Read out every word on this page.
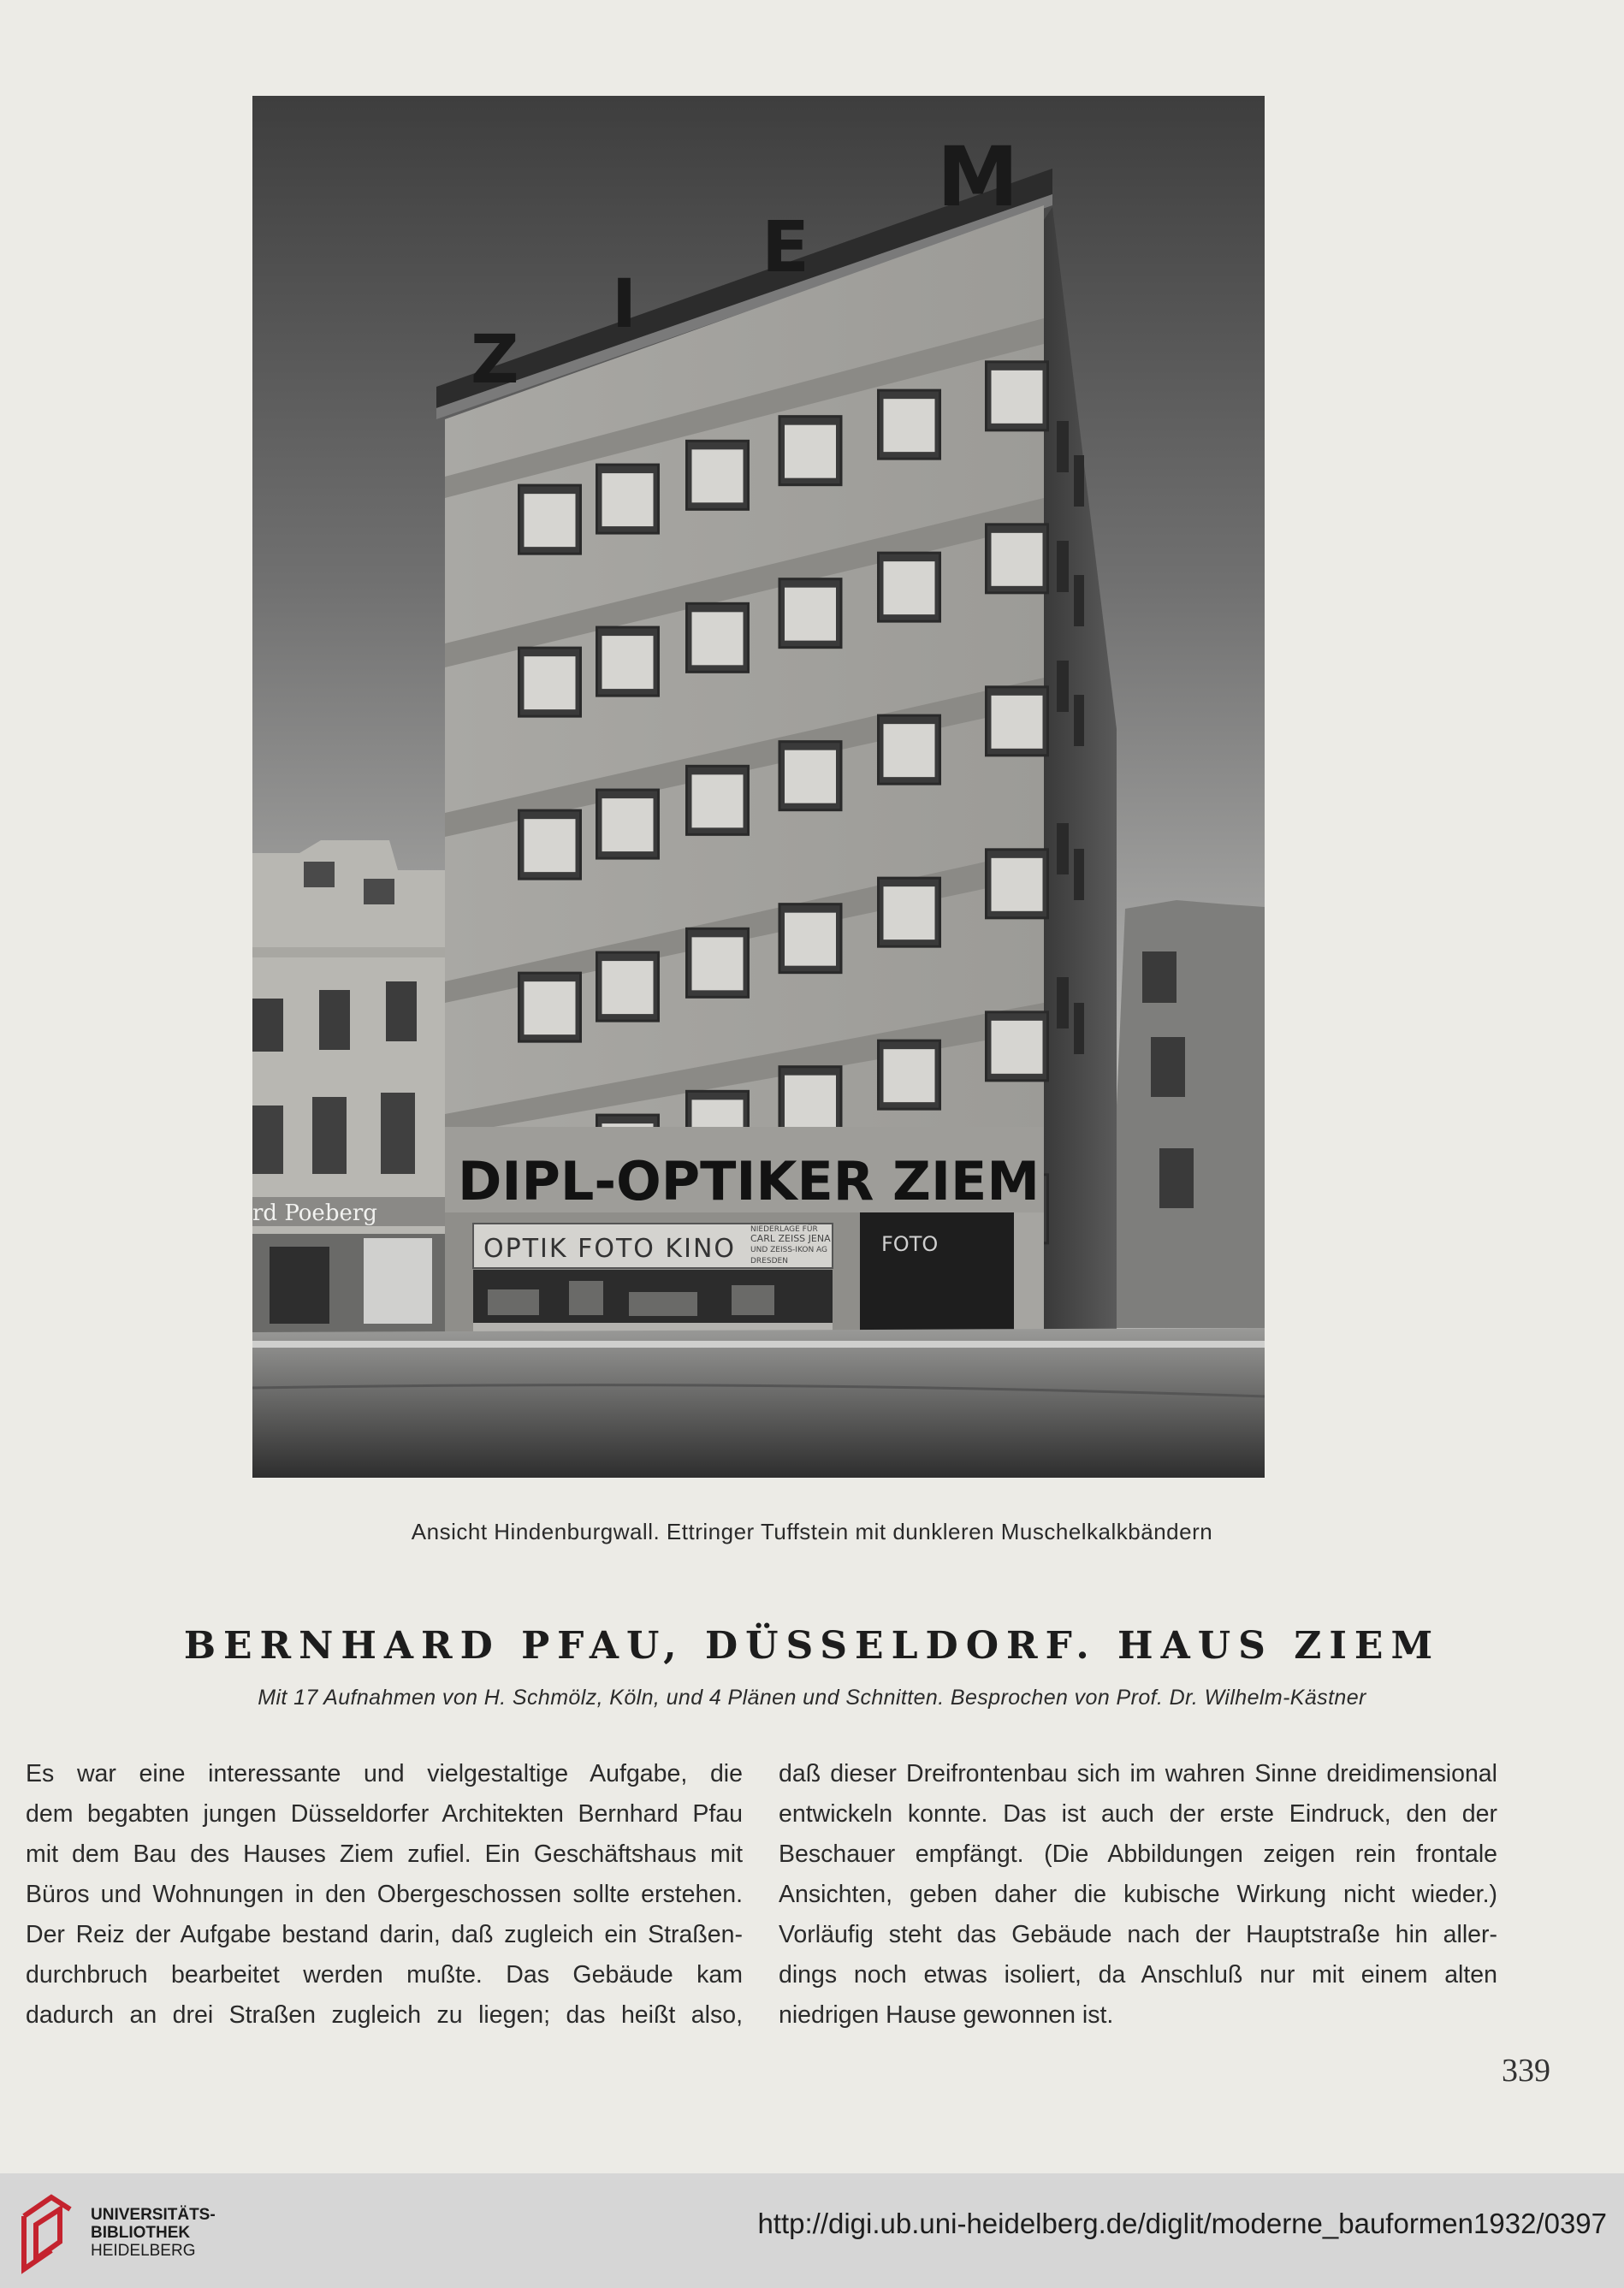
rd Poeberg
Z
I
E
M
DIPL-OPTIKER ZIEM
OPTIK FOTO KINO
NIEDERLAGE FÜR
CARL ZEISS JENA
UND ZEISS-IKON AG
DRESDEN
FOTO
Ansicht Hindenburgwall. Ettringer Tuffstein mit dunkleren Muschelkalkbändern
BERNHARD PFAU, DÜSSELDORF. HAUS ZIEM
Mit 17 Aufnahmen von H. Schmölz, Köln, und 4 Plänen und Schnitten. Besprochen von Prof. Dr. Wilhelm-Kästner
Es war eine interessante und vielgestaltige Aufgabe, die
dem begabten jungen Düsseldorfer Architekten Bernhard Pfau
mit dem Bau des Hauses Ziem zufiel. Ein Geschäftshaus mit
Büros und Wohnungen in den Obergeschossen sollte erstehen.
Der Reiz der Aufgabe bestand darin, daß zugleich ein Straßen-
durchbruch bearbeitet werden mußte. Das Gebäude kam
dadurch an drei Straßen zugleich zu liegen; das heißt also,
daß dieser Dreifrontenbau sich im wahren Sinne dreidimensional
entwickeln konnte. Das ist auch der erste Eindruck, den der
Beschauer empfängt. (Die Abbildungen zeigen rein frontale
Ansichten, geben daher die kubische Wirkung nicht wieder.)
Vorläufig steht das Gebäude nach der Hauptstraße hin aller-
dings noch etwas isoliert, da Anschluß nur mit einem alten
niedrigen Hause gewonnen ist.
339
UNIVERSITÄTS-
BIBLIOTHEK
HEIDELBERG
http://digi.ub.uni-heidelberg.de/diglit/moderne_bauformen1932/0397
